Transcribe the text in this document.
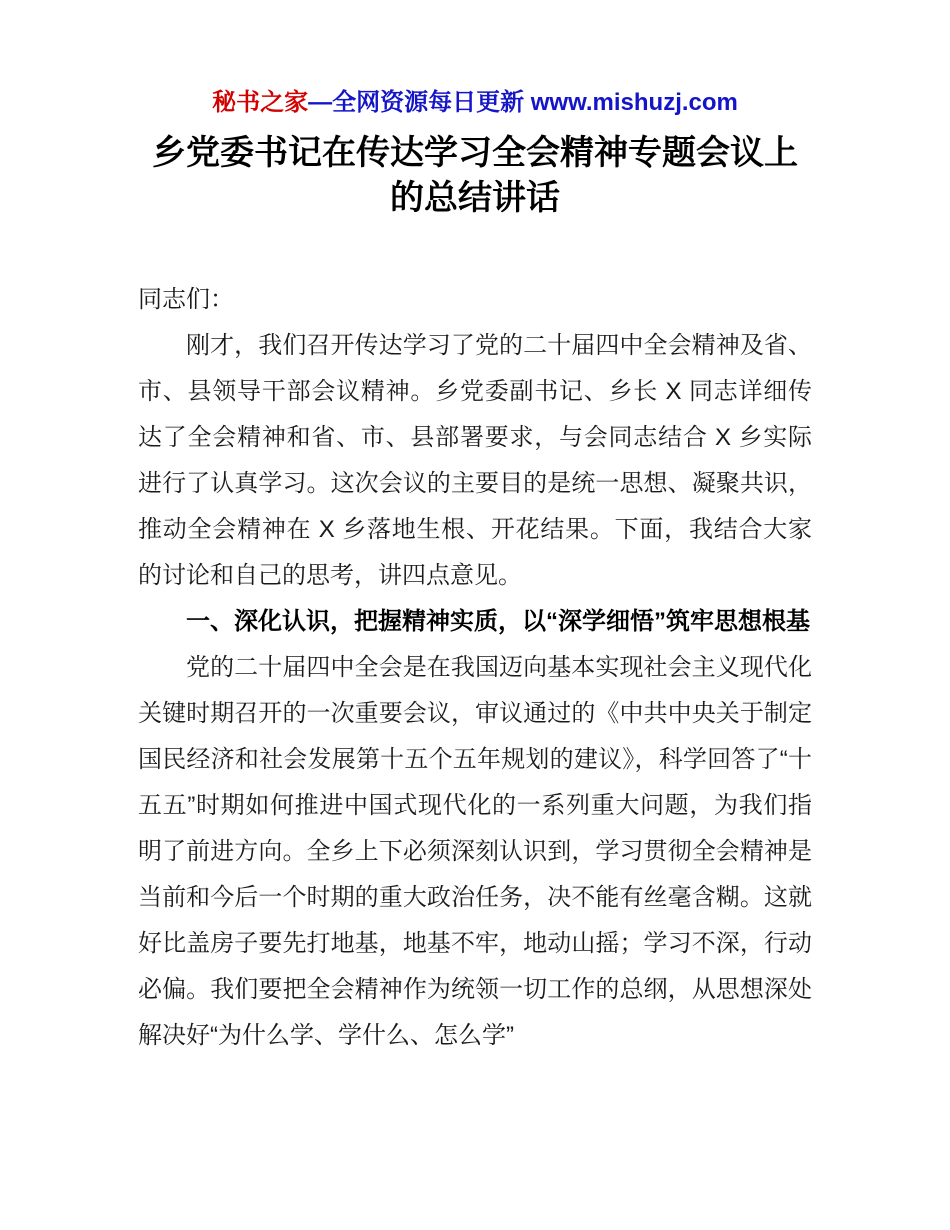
秘书之家—全网资源每日更新 www.mishuzj.com
乡党委书记在传达学习全会精神专题会议上的总结讲话

同志们：

刚才，我们召开传达学习了党的二十届四中全会精神及省、市、县领导干部会议精神。乡党委副书记、乡长 X 同志详细传达了全会精神和省、市、县部署要求，与会同志结合 X 乡实际进行了认真学习。这次会议的主要目的是统一思想、凝聚共识，推动全会精神在 X 乡落地生根、开花结果。下面，我结合大家的讨论和自己的思考，讲四点意见。

一、深化认识，把握精神实质，以“深学细悟”筑牢思想根基

党的二十届四中全会是在我国迈向基本实现社会主义现代化关键时期召开的一次重要会议，审议通过的《中共中央关于制定国民经济和社会发展第十五个五年规划的建议》，科学回答了“十五五”时期如何推进中国式现代化的一系列重大问题，为我们指明了前进方向。全乡上下必须深刻认识到，学习贯彻全会精神是当前和今后一个时期的重大政治任务，决不能有丝毫含糊。这就好比盖房子要先打地基，地基不牢，地动山摇；学习不深，行动必偏。我们要把全会精神作为统领一切工作的总纲，从思想深处解决好“为什么学、学什么、怎么学”
